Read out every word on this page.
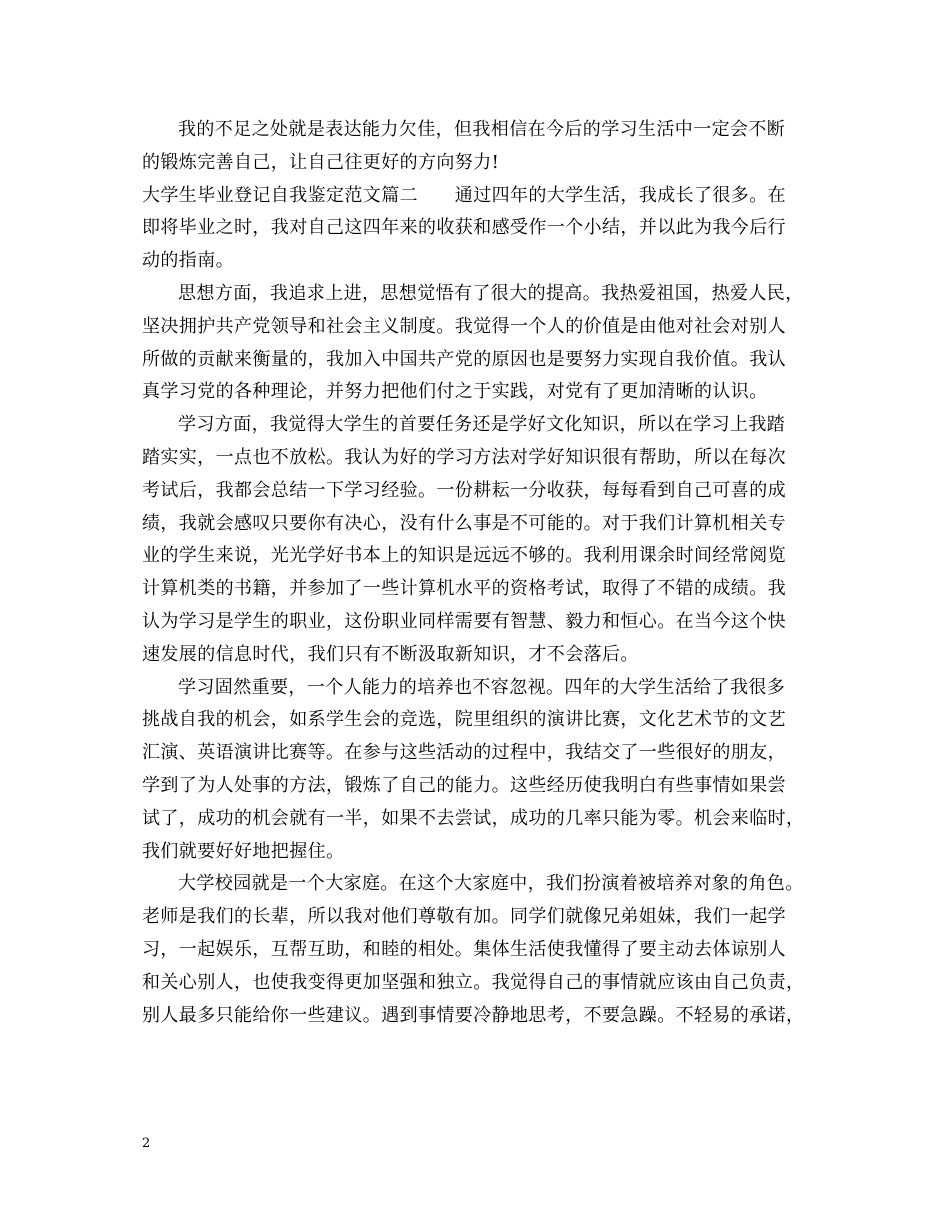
我的不足之处就是表达能力欠佳，但我相信在今后的学习生活中一定会不断
的锻炼完善自己，让自己往更好的方向努力!
大学生毕业登记自我鉴定范文篇二　　通过四年的大学生活，我成长了很多。在
即将毕业之时，我对自己这四年来的收获和感受作一个小结，并以此为我今后行
动的指南。
思想方面，我追求上进，思想觉悟有了很大的提高。我热爱祖国，热爱人民，
坚决拥护共产党领导和社会主义制度。我觉得一个人的价值是由他对社会对别人
所做的贡献来衡量的，我加入中国共产党的原因也是要努力实现自我价值。我认
真学习党的各种理论，并努力把他们付之于实践，对党有了更加清晰的认识。
学习方面，我觉得大学生的首要任务还是学好文化知识，所以在学习上我踏
踏实实，一点也不放松。我认为好的学习方法对学好知识很有帮助，所以在每次
考试后，我都会总结一下学习经验。一份耕耘一分收获，每每看到自己可喜的成
绩，我就会感叹只要你有决心，没有什么事是不可能的。对于我们计算机相关专
业的学生来说，光光学好书本上的知识是远远不够的。我利用课余时间经常阅览
计算机类的书籍，并参加了一些计算机水平的资格考试，取得了不错的成绩。我
认为学习是学生的职业，这份职业同样需要有智慧、毅力和恒心。在当今这个快
速发展的信息时代，我们只有不断汲取新知识，才不会落后。
学习固然重要，一个人能力的培养也不容忽视。四年的大学生活给了我很多
挑战自我的机会，如系学生会的竞选，院里组织的演讲比赛，文化艺术节的文艺
汇演、英语演讲比赛等。在参与这些活动的过程中，我结交了一些很好的朋友，
学到了为人处事的方法，锻炼了自己的能力。这些经历使我明白有些事情如果尝
试了，成功的机会就有一半，如果不去尝试，成功的几率只能为零。机会来临时，
我们就要好好地把握住。
大学校园就是一个大家庭。在这个大家庭中，我们扮演着被培养对象的角色。
老师是我们的长辈，所以我对他们尊敬有加。同学们就像兄弟姐妹，我们一起学
习，一起娱乐，互帮互助，和睦的相处。集体生活使我懂得了要主动去体谅别人
和关心别人，也使我变得更加坚强和独立。我觉得自己的事情就应该由自己负责，
别人最多只能给你一些建议。遇到事情要冷静地思考，不要急躁。不轻易的承诺，
2
